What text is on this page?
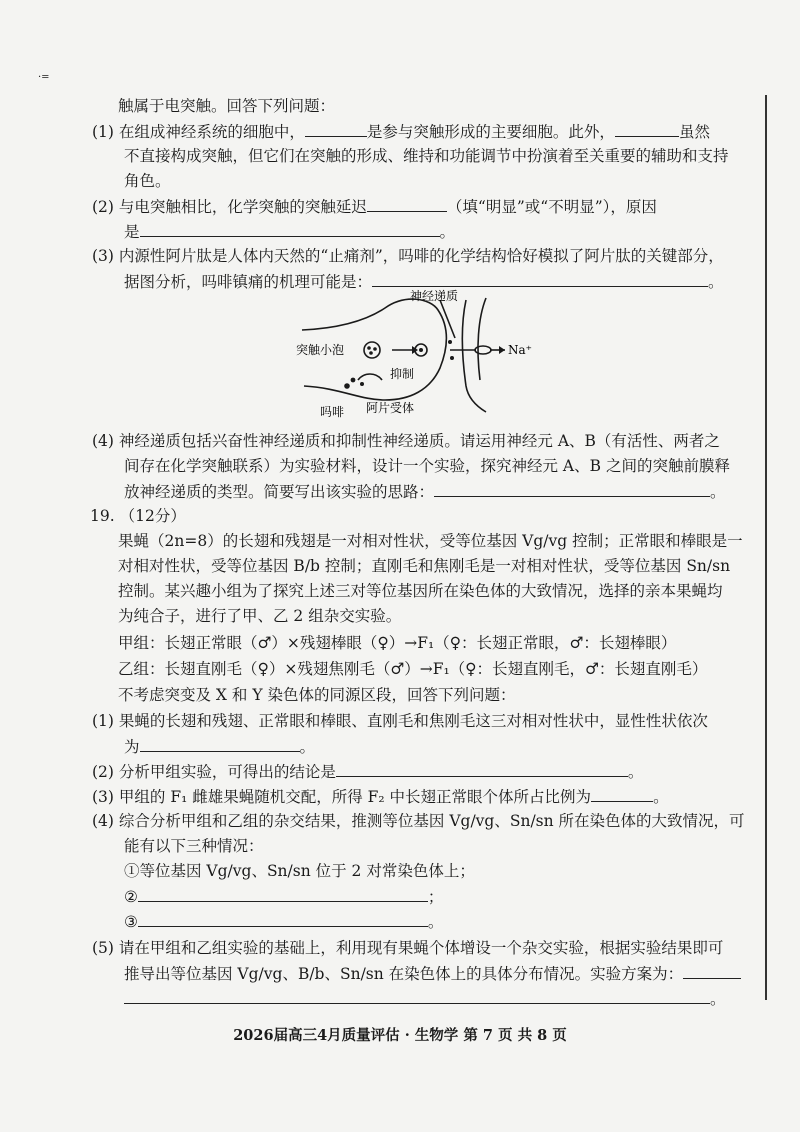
·=
触属于电突触。回答下列问题：
(1) 在组成神经系统的细胞中，	是参与突触形成的主要细胞。此外，	虽然
不直接构成突触，但它们在突触的形成、维持和功能调节中扮演着至关重要的辅助和支持
角色。
(2) 与电突触相比，化学突触的突触延迟	（填“明显”或“不明显”），原因
是	。
(3) 内源性阿片肽是人体内天然的“止痛剂”，吗啡的化学结构恰好模拟了阿片肽的关键部分，
据图分析，吗啡镇痛的机理可能是：	。
神经递质
突触小泡
抑制
吗啡 阿片受体
Na⁺
(4) 神经递质包括兴奋性神经递质和抑制性神经递质。请运用神经元 A、B（有活性、两者之
间存在化学突触联系）为实验材料，设计一个实验，探究神经元 A、B 之间的突触前膜释
放神经递质的类型。简要写出该实验的思路：	。
19. （12分）
果蝇（2n=8）的长翅和残翅是一对相对性状，受等位基因 Vg/vg 控制；正常眼和棒眼是一
对相对性状，受等位基因 B/b 控制；直刚毛和焦刚毛是一对相对性状，受等位基因 Sn/sn
控制。某兴趣小组为了探究上述三对等位基因所在染色体的大致情况，选择的亲本果蝇均
为纯合子，进行了甲、乙 2 组杂交实验。
甲组：长翅正常眼（♂）×残翅棒眼（♀）→F₁（♀：长翅正常眼，♂：长翅棒眼）
乙组：长翅直刚毛（♀）×残翅焦刚毛（♂）→F₁（♀：长翅直刚毛，♂：长翅直刚毛）
不考虑突变及 X 和 Y 染色体的同源区段，回答下列问题：
(1) 果蝇的长翅和残翅、正常眼和棒眼、直刚毛和焦刚毛这三对相对性状中，显性性状依次
为	。
(2) 分析甲组实验，可得出的结论是	。
(3) 甲组的 F₁ 雌雄果蝇随机交配，所得 F₂ 中长翅正常眼个体所占比例为	。
(4) 综合分析甲组和乙组的杂交结果，推测等位基因 Vg/vg、Sn/sn 所在染色体的大致情况，可
能有以下三种情况：
①等位基因 Vg/vg、Sn/sn 位于 2 对常染色体上；
②	；
③	。
(5) 请在甲组和乙组实验的基础上，利用现有果蝇个体增设一个杂交实验，根据实验结果即可
推导出等位基因 Vg/vg、B/b、Sn/sn 在染色体上的具体分布情况。实验方案为：
。
2026届高三4月质量评估 · 生物学 第 7 页 共 8 页
